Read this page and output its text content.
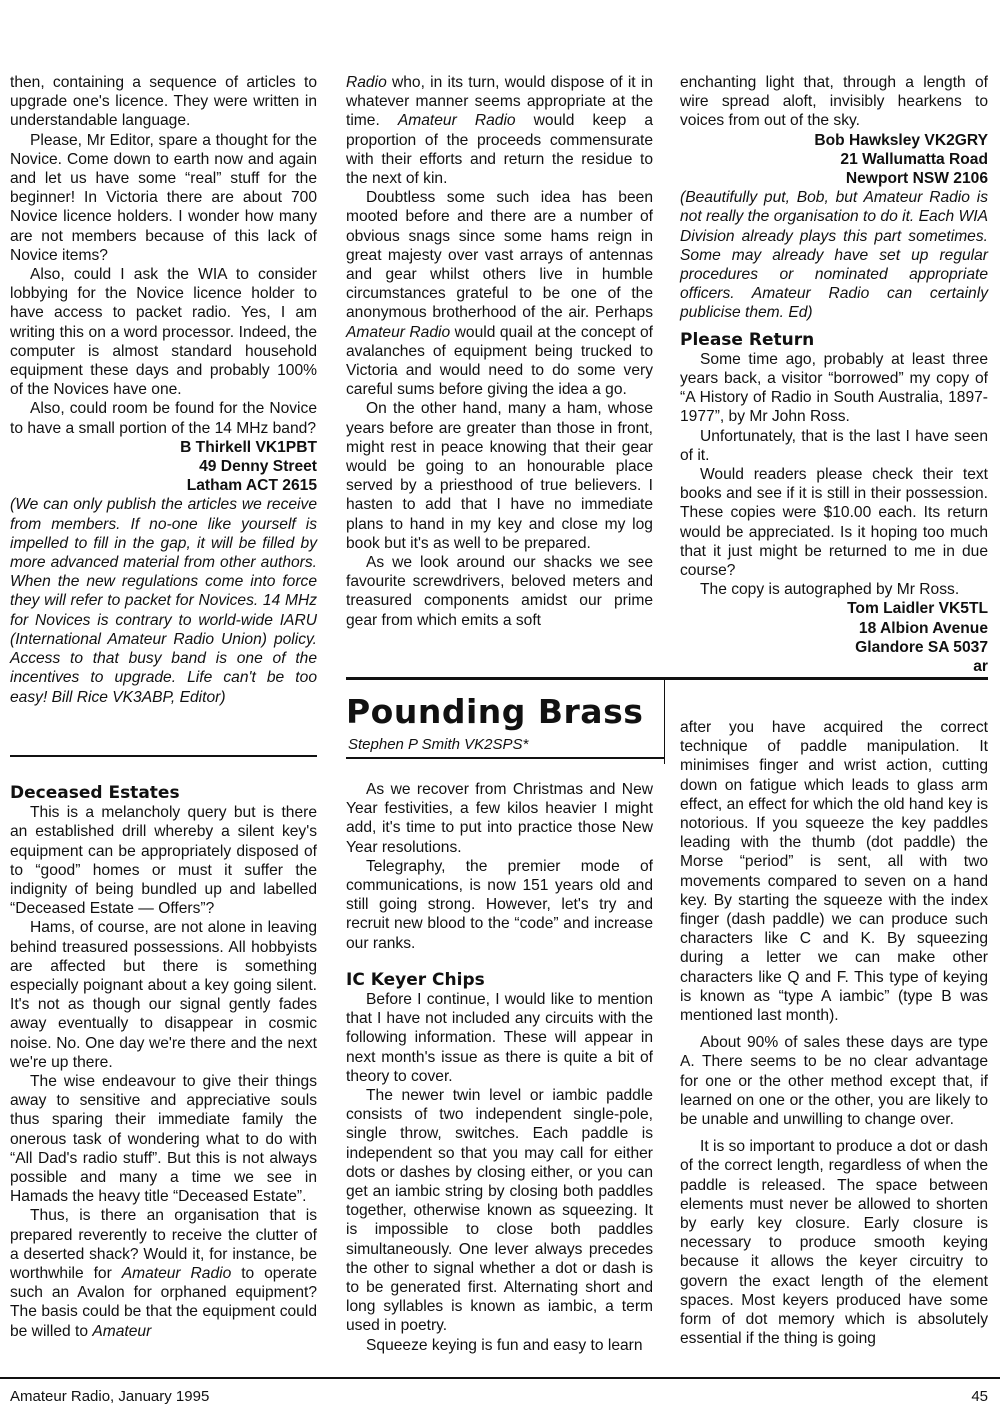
then, containing a sequence of articles to upgrade one's licence. They were written in understandable language.

Please, Mr Editor, spare a thought for the Novice. Come down to earth now and again and let us have some “real” stuff for the beginner! In Victoria there are about 700 Novice licence holders. I wonder how many are not members because of this lack of Novice items?

Also, could I ask the WIA to consider lobbying for the Novice licence holder to have access to packet radio. Yes, I am writing this on a word processor. Indeed, the computer is almost standard household equipment these days and probably 100% of the Novices have one.

Also, could room be found for the Novice to have a small portion of the 14 MHz band?

B Thirkell VK1PBT
49 Denny Street
Latham ACT 2615

(We can only publish the articles we receive from members. If no-one like yourself is impelled to fill in the gap, it will be filled by more advanced material from other authors. When the new regulations come into force they will refer to packet for Novices. 14 MHz for Novices is contrary to world-wide IARU (International Amateur Radio Union) policy. Access to that busy band is one of the incentives to upgrade. Life can't be too easy! Bill Rice VK3ABP, Editor)

Deceased Estates

This is a melancholy query but is there an established drill whereby a silent key's equipment can be appropriately disposed of to “good” homes or must it suffer the indignity of being bundled up and labelled “Deceased Estate — Offers”?

Hams, of course, are not alone in leaving behind treasured possessions. All hobbyists are affected but there is something especially poignant about a key going silent. It's not as though our signal gently fades away eventually to disappear in cosmic noise. No. One day we're there and the next we're up there.

The wise endeavour to give their things away to sensitive and appreciative souls thus sparing their immediate family the onerous task of wondering what to do with “All Dad's radio stuff”. But this is not always possible and many a time we see in Hamads the heavy title “Deceased Estate”.

Thus, is there an organisation that is prepared reverently to receive the clutter of a deserted shack? Would it, for instance, be worthwhile for Amateur Radio to operate such an Avalon for orphaned equipment? The basis could be that the equipment could be willed to Amateur

Radio who, in its turn, would dispose of it in whatever manner seems appropriate at the time. Amateur Radio would keep a proportion of the proceeds commensurate with their efforts and return the residue to the next of kin.

Doubtless some such idea has been mooted before and there are a number of obvious snags since some hams reign in great majesty over vast arrays of antennas and gear whilst others live in humble circumstances grateful to be one of the anonymous brotherhood of the air. Perhaps Amateur Radio would quail at the concept of avalanches of equipment being trucked to Victoria and would need to do some very careful sums before giving the idea a go.

On the other hand, many a ham, whose years before are greater than those in front, might rest in peace knowing that their gear would be going to an honourable place served by a priesthood of true believers. I hasten to add that I have no immediate plans to hand in my key and close my log book but it's as well to be prepared.

As we look around our shacks we see favourite screwdrivers, beloved meters and treasured components amidst our prime gear from which emits a soft

enchanting light that, through a length of wire spread aloft, invisibly hearkens to voices from out of the sky.

Bob Hawksley VK2GRY
21 Wallumatta Road
Newport NSW 2106

(Beautifully put, Bob, but Amateur Radio is not really the organisation to do it. Each WIA Division already plays this part sometimes. Some may already have set up regular procedures or nominated appropriate officers. Amateur Radio can certainly publicise them. Ed)

Please Return

Some time ago, probably at least three years back, a visitor “borrowed” my copy of “A History of Radio in South Australia, 1897-1977”, by Mr John Ross.

Unfortunately, that is the last I have seen of it.

Would readers please check their text books and see if it is still in their possession. These copies were $10.00 each. Its return would be appreciated. Is it hoping too much that it just might be returned to me in due course?

The copy is autographed by Mr Ross.

Tom Laidler VK5TL
18 Albion Avenue
Glandore SA 5037

ar

Pounding Brass

Stephen P Smith VK2SPS*

As we recover from Christmas and New Year festivities, a few kilos heavier I might add, it's time to put into practice those New Year resolutions.

Telegraphy, the premier mode of communications, is now 151 years old and still going strong. However, let's try and recruit new blood to the “code” and increase our ranks.

IC Keyer Chips

Before I continue, I would like to mention that I have not included any circuits with the following information. These will appear in next month's issue as there is quite a bit of theory to cover.

The newer twin level or iambic paddle consists of two independent single-pole, single throw, switches. Each paddle is independent so that you may call for either dots or dashes by closing either, or you can get an iambic string by closing both paddles together, otherwise known as squeezing. It is impossible to close both paddles simultaneously. One lever always precedes the other to signal whether a dot or dash is to be generated first. Alternating short and long syllables is known as iambic, a term used in poetry.

Squeeze keying is fun and easy to learn

after you have acquired the correct technique of paddle manipulation. It minimises finger and wrist action, cutting down on fatigue which leads to glass arm effect, an effect for which the old hand key is notorious. If you squeeze the key paddles leading with the thumb (dot paddle) the Morse “period” is sent, all with two movements compared to seven on a hand key. By starting the squeeze with the index finger (dash paddle) we can produce such characters like C and K. By squeezing during a letter we can make other characters like Q and F. This type of keying is known as “type A iambic” (type B was mentioned last month).

About 90% of sales these days are type A. There seems to be no clear advantage for one or the other method except that, if learned on one or the other, you are likely to be unable and unwilling to change over.

It is so important to produce a dot or dash of the correct length, regardless of when the paddle is released. The space between elements must never be allowed to shorten by early key closure. Early closure is necessary to produce smooth keying because it allows the keyer circuitry to govern the exact length of the element spaces. Most keyers produced have some form of dot memory which is absolutely essential if the thing is going

Amateur Radio, January 1995	45
